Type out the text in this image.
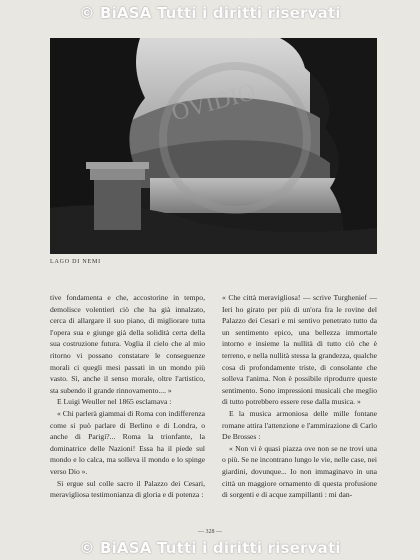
© BiASA Tutti i diritti riservati
OVIDIO
LAGO DI NEMI

tive fondamenta e che, accostorine in tempo, demolisce volentieri ciò che ha già innalzato, cerca di allargare il suo piano, di migliorare tutta l'opera sua e giunge già della solidità certa della sua costruzione futura. Voglia il cielo che al mio ritorno vi possano constatare le conseguenze morali ci quegli mesi passati in un mondo più vasto. Sì, anche il senso morale, oltre l'artistico, sta subendo il grande rinnovamento.... »

E Luigi Weuller nel 1865 esclamava :

« Chi parlerà giammai di Roma con indifferenza come si può parlare di Berlino e di Londra, o anche di Parigi?... Roma la trionfante, la dominatrice delle Nazioni! Essa ha il piede sul mondo e lo calca, ma solleva il mondo e lo spinge verso Dio ».

Si ergue sul colle sacro il Palazzo dei Cesari, meravigliosa testimonianza di gloria e di potenza :

« Che città meravigliosa! — scrive Turghenief — Ieri ho girato per più di un'ora fra le rovine del Palazzo dei Cesari e mi sentivo penetrato tutto da un sentimento epico, una bellezza immortale intorno e insieme la nullità di tutto ciò che è terreno, e nella nullità stessa la grandezza, qualche cosa di profondamente triste, di consolante che solleva l'anima. Non è possibile riprodurre queste sentimento. Sono impressioni musicali che meglio di tutto potrebbero essere rese dalla musica. »

E la musica armoniosa delle mille fontane romane attira l'attenzione e l'ammirazione di Carlo De Brosses :

« Non vi è quasi piazza ove non se ne trovi una o più. Se ne incontrano lungo le vie, nelle case, nei giardini, dovunque... Io non immaginavo in una città un maggiore ornamento di questa profusione di sorgenti e di acque zampillanti : mi dan-

— 328 —
© BiASA Tutti i diritti riservati
